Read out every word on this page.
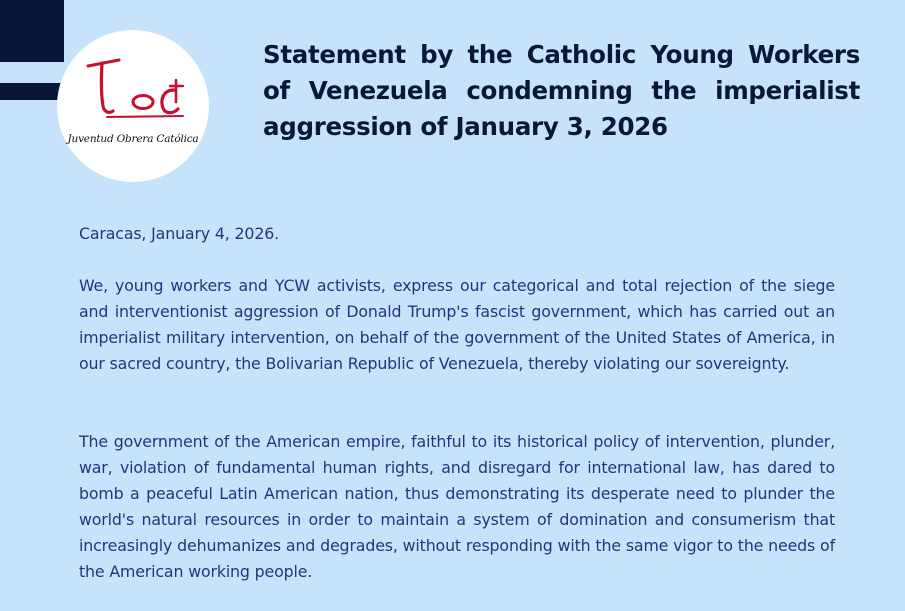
Juventud Obrera Católica
Statement by the Catholic Young Workers of Venezuela condemning the imperialist aggression of January 3, 2026

Caracas, January 4, 2026.

We, young workers and YCW activists, express our categorical and total rejection of the siege and interventionist aggression of Donald Trump's fascist government, which has carried out an imperialist military intervention, on behalf of the government of the United States of America, in our sacred country, the Bolivarian Republic of Venezuela, thereby violating our sovereignty.

The government of the American empire, faithful to its historical policy of intervention, plunder, war, violation of fundamental human rights, and disregard for international law, has dared to bomb a peaceful Latin American nation, thus demonstrating its desperate need to plunder the world's natural resources in order to maintain a system of domination and consumerism that increasingly dehumanizes and degrades, without responding with the same vigor to the needs of the American working people.
